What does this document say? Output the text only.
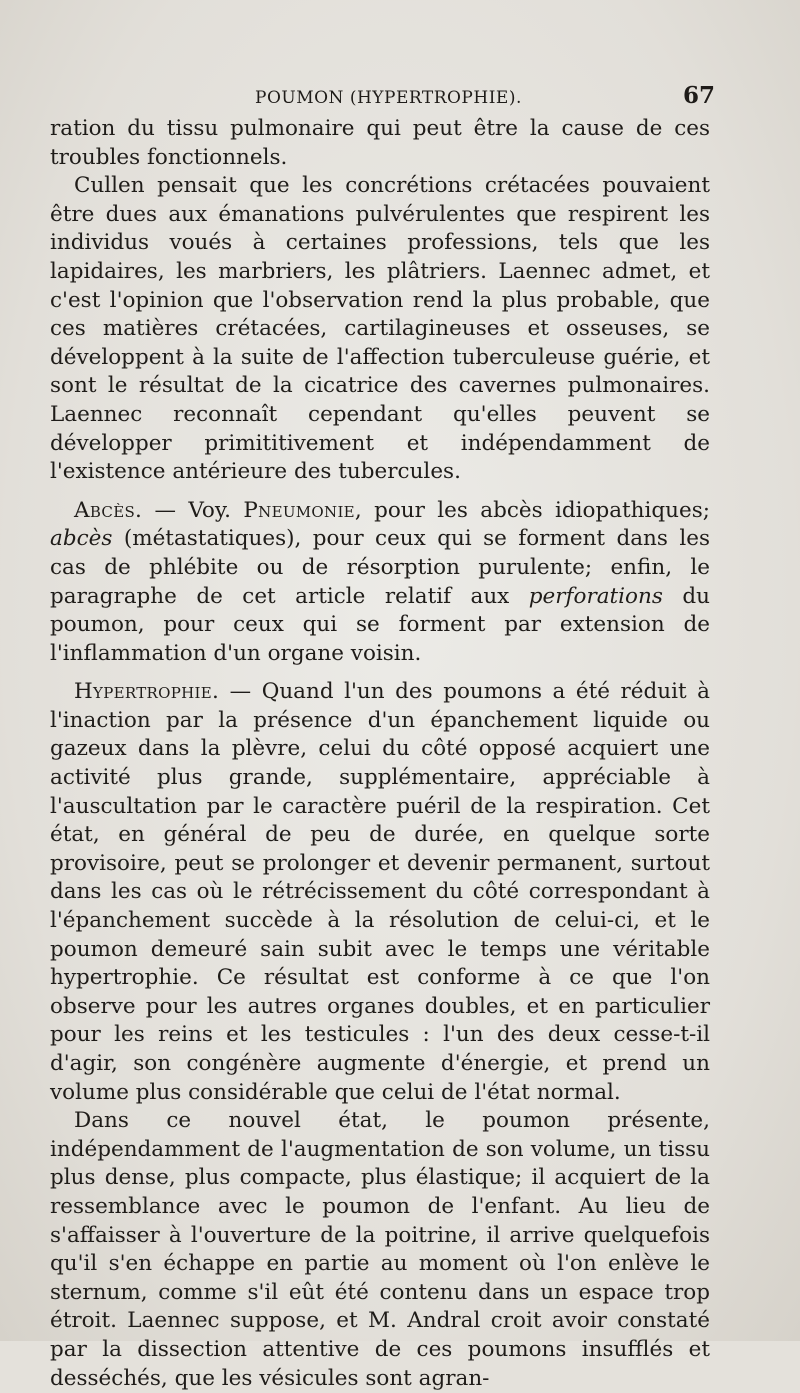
POUMON (HYPERTROPHIE).	67

ration du tissu pulmonaire qui peut être la cause de ces troubles fonctionnels.

Cullen pensait que les concrétions crétacées pouvaient être dues aux émanations pulvérulentes que respirent les individus voués à certaines professions, tels que les lapidaires, les marbriers, les plâtriers. Laennec admet, et c'est l'opinion que l'observation rend la plus probable, que ces matières crétacées, cartilagineuses et osseuses, se développent à la suite de l'affection tuberculeuse guérie, et sont le résultat de la cicatrice des cavernes pulmonaires. Laennec reconnaît cependant qu'elles peuvent se développer primititivement et indépendamment de l'existence antérieure des tubercules.

Abcès. — Voy. Pneumonie, pour les abcès idiopathiques; abcès (métastatiques), pour ceux qui se forment dans les cas de phlébite ou de résorption purulente; enfin, le paragraphe de cet article relatif aux perforations du poumon, pour ceux qui se forment par extension de l'inflammation d'un organe voisin.

Hypertrophie. — Quand l'un des poumons a été réduit à l'inaction par la présence d'un épanchement liquide ou gazeux dans la plèvre, celui du côté opposé acquiert une activité plus grande, supplémentaire, appréciable à l'auscultation par le caractère puéril de la respiration. Cet état, en général de peu de durée, en quelque sorte provisoire, peut se prolonger et devenir permanent, surtout dans les cas où le rétrécissement du côté correspondant à l'épanchement succède à la résolution de celui-ci, et le poumon demeuré sain subit avec le temps une véritable hypertrophie. Ce résultat est conforme à ce que l'on observe pour les autres organes doubles, et en particulier pour les reins et les testicules : l'un des deux cesse-t-il d'agir, son congénère augmente d'énergie, et prend un volume plus considérable que celui de l'état normal.

Dans ce nouvel état, le poumon présente, indépendamment de l'augmentation de son volume, un tissu plus dense, plus compacte, plus élastique; il acquiert de la ressemblance avec le poumon de l'enfant. Au lieu de s'affaisser à l'ouverture de la poitrine, il arrive quelquefois qu'il s'en échappe en partie au moment où l'on enlève le sternum, comme s'il eût été contenu dans un espace trop étroit. Laennec suppose, et M. Andral croit avoir constaté par la dissection attentive de ces poumons insufflés et desséchés, que les vésicules sont agran-
